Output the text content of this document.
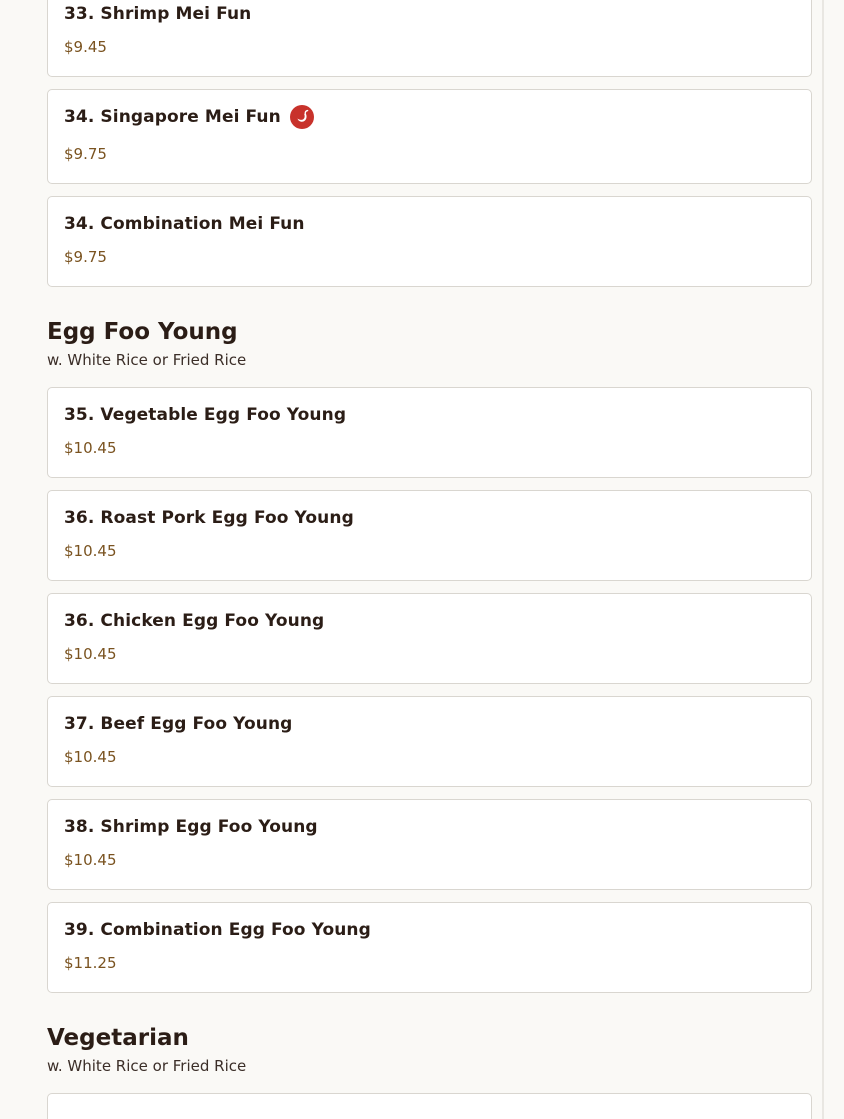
33. Shrimp Mei Fun
$9.45
34. Singapore Mei Fun
$9.75
34. Combination Mei Fun
$9.75
Egg Foo Young
w. White Rice or Fried Rice
35. Vegetable Egg Foo Young
$10.45
36. Roast Pork Egg Foo Young
$10.45
36. Chicken Egg Foo Young
$10.45
37. Beef Egg Foo Young
$10.45
38. Shrimp Egg Foo Young
$10.45
39. Combination Egg Foo Young
$11.25
Vegetarian
w. White Rice or Fried Rice
